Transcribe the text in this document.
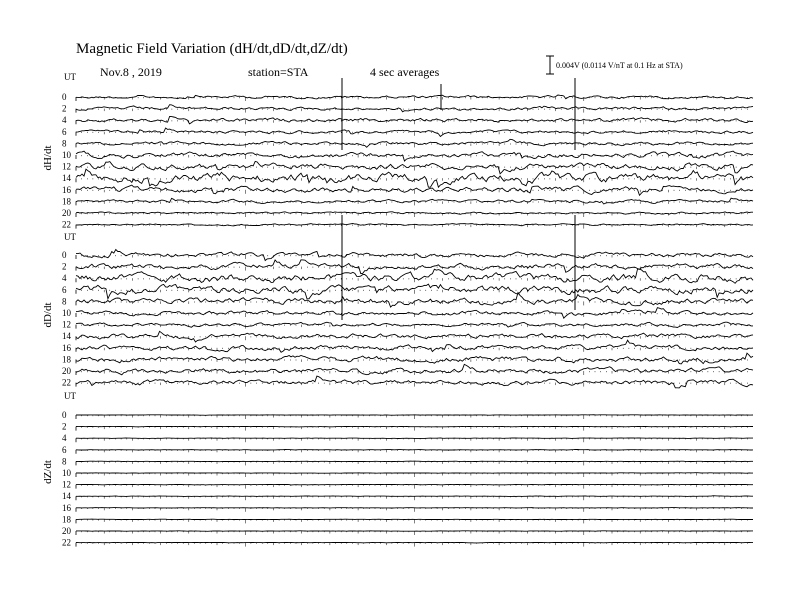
Magnetic Field Variation (dH/dt,dD/dt,dZ/dt)
Nov.8 , 2019	station=STA	4 sec averages	0.004V (0.0114 V/nT at 0.1 Hz at STA)
UT
dH/dt
0
2
4
6
8
10
12
14
16
18
20
22
UT
dD/dt
0
2
4
6
8
10
12
14
16
18
20
22
UT
dZ/dt
0
2
4
6
8
10
12
14
16
18
20
22
